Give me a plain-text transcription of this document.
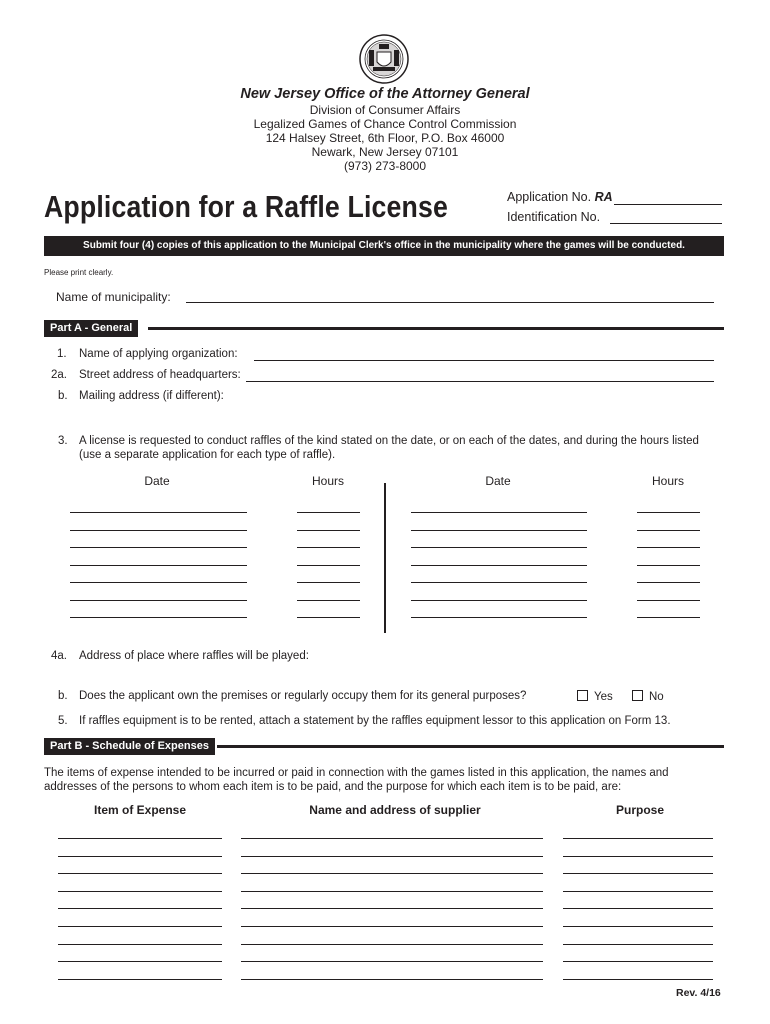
New Jersey Office of the Attorney General
Division of Consumer Affairs
Legalized Games of Chance Control Commission
124 Halsey Street, 6th Floor, P.O. Box 46000
Newark, New Jersey 07101
(973) 273-8000
Application for a Raffle License	Application No. RA
Identification No.
Submit four (4) copies of this application to the Municipal Clerk's office in the municipality where the games will be conducted.
Please print clearly.
Name of municipality:
Part A - General
1. Name of applying organization:
2a. Street address of headquarters:
b. Mailing address (if different):
3. A license is requested to conduct raffles of the kind stated on the date, or on each of the dates, and during the hours listed
(use a separate application for each type of raffle).
Date	Hours	Date	Hours
4a. Address of place where raffles will be played:
b. Does the applicant own the premises or regularly occupy them for its general purposes?	Yes	No
5. If raffles equipment is to be rented, attach a statement by the raffles equipment lessor to this application on Form 13.
Part B - Schedule of Expenses
The items of expense intended to be incurred or paid in connection with the games listed in this application, the names and
addresses of the persons to whom each item is to be paid, and the purpose for which each item is to be paid, are:
Item of Expense	Name and address of supplier	Purpose
Rev. 4/16
